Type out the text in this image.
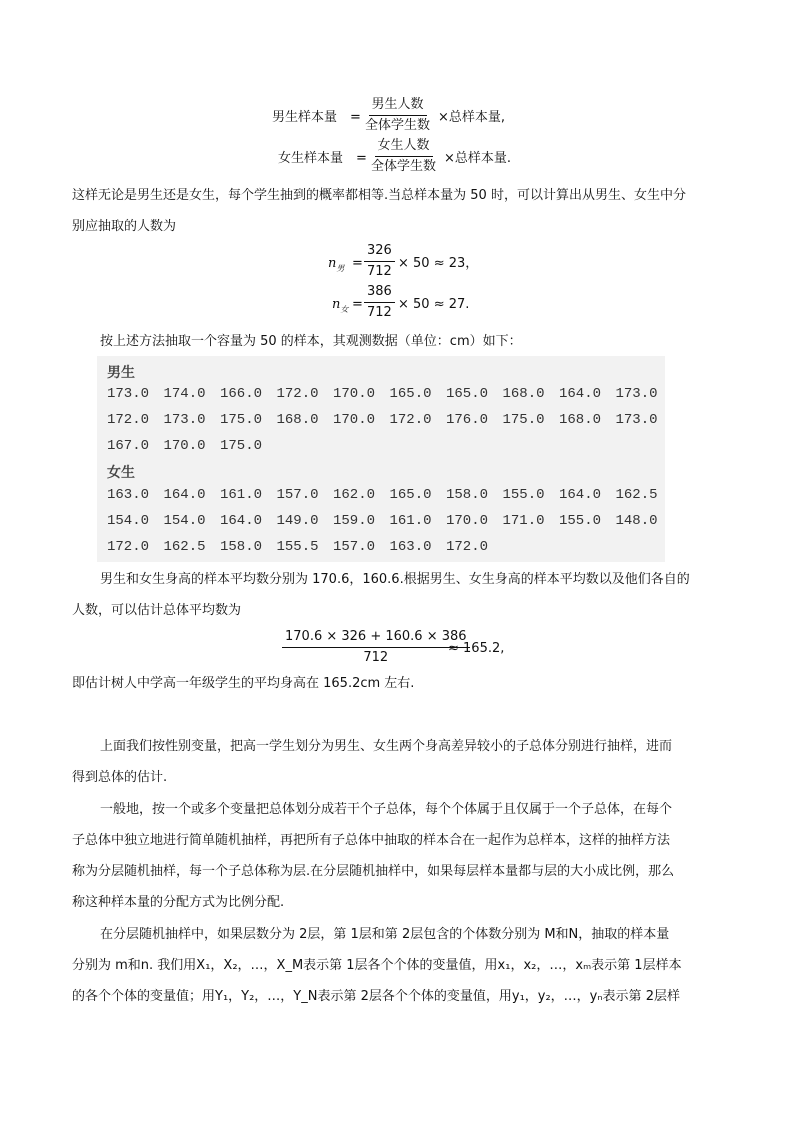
男生样本量 =
男生人数
全体学生数
×总样本量,
女生样本量 =
女生人数
全体学生数
×总样本量.
这样无论是男生还是女生，每个学生抽到的概率都相等.当总样本量为 50 时，可以计算出从男生、女生中分
别应抽取的人数为
$n_男 = \frac{326}{712} \times 50 \approx 23$，
$n_女 = \frac{386}{712} \times 50 \approx 27$.
按上述方法抽取一个容量为 50 的样本，其观测数据（单位：cm）如下：
男生
173.0 174.0 166.0 172.0 170.0 165.0 165.0 168.0 164.0 173.0
172.0 173.0 175.0 168.0 170.0 172.0 176.0 175.0 168.0 173.0
167.0 170.0 175.0
女生
163.0 164.0 161.0 157.0 162.0 165.0 158.0 155.0 164.0 162.5
154.0 154.0 164.0 149.0 159.0 161.0 170.0 171.0 155.0 148.0
172.0 162.5 158.0 155.5 157.0 163.0 172.0
男生和女生身高的样本平均数分别为 170.6，160.6.根据男生、女生身高的样本平均数以及他们各自的
人数，可以估计总体平均数为
$\frac{170.6 \times 326 + 160.6 \times 386}{712}$
≈ 165.2,
即估计树人中学高一年级学生的平均身高在 165.2cm 左右.
上面我们按性别变量，把高一学生划分为男生、女生两个身高差异较小的子总体分别进行抽样，进而
得到总体的估计.
一般地，按一个或多个变量把总体划分成若干个子总体，每个个体属于且仅属于一个子总体，在每个
子总体中独立地进行简单随机抽样，再把所有子总体中抽取的样本合在一起作为总样本，这样的抽样方法
称为分层随机抽样，每一个子总体称为层.在分层随机抽样中，如果每层样本量都与层的大小成比例，那么
称这种样本量的分配方式为比例分配.
在分层随机抽样中，如果层数分为 2层，第 1层和第 2层包含的个体数分别为 M和N，抽取的样本量
分别为 m和n. 我们用X₁，X₂，…，X_M表示第 1层各个个体的变量值，用x₁，x₂，…，xₘ表示第 1层样本
的各个个体的变量值；用Y₁，Y₂，…，Y_N表示第 2层各个个体的变量值，用y₁，y₂，…，yₙ表示第 2层样
